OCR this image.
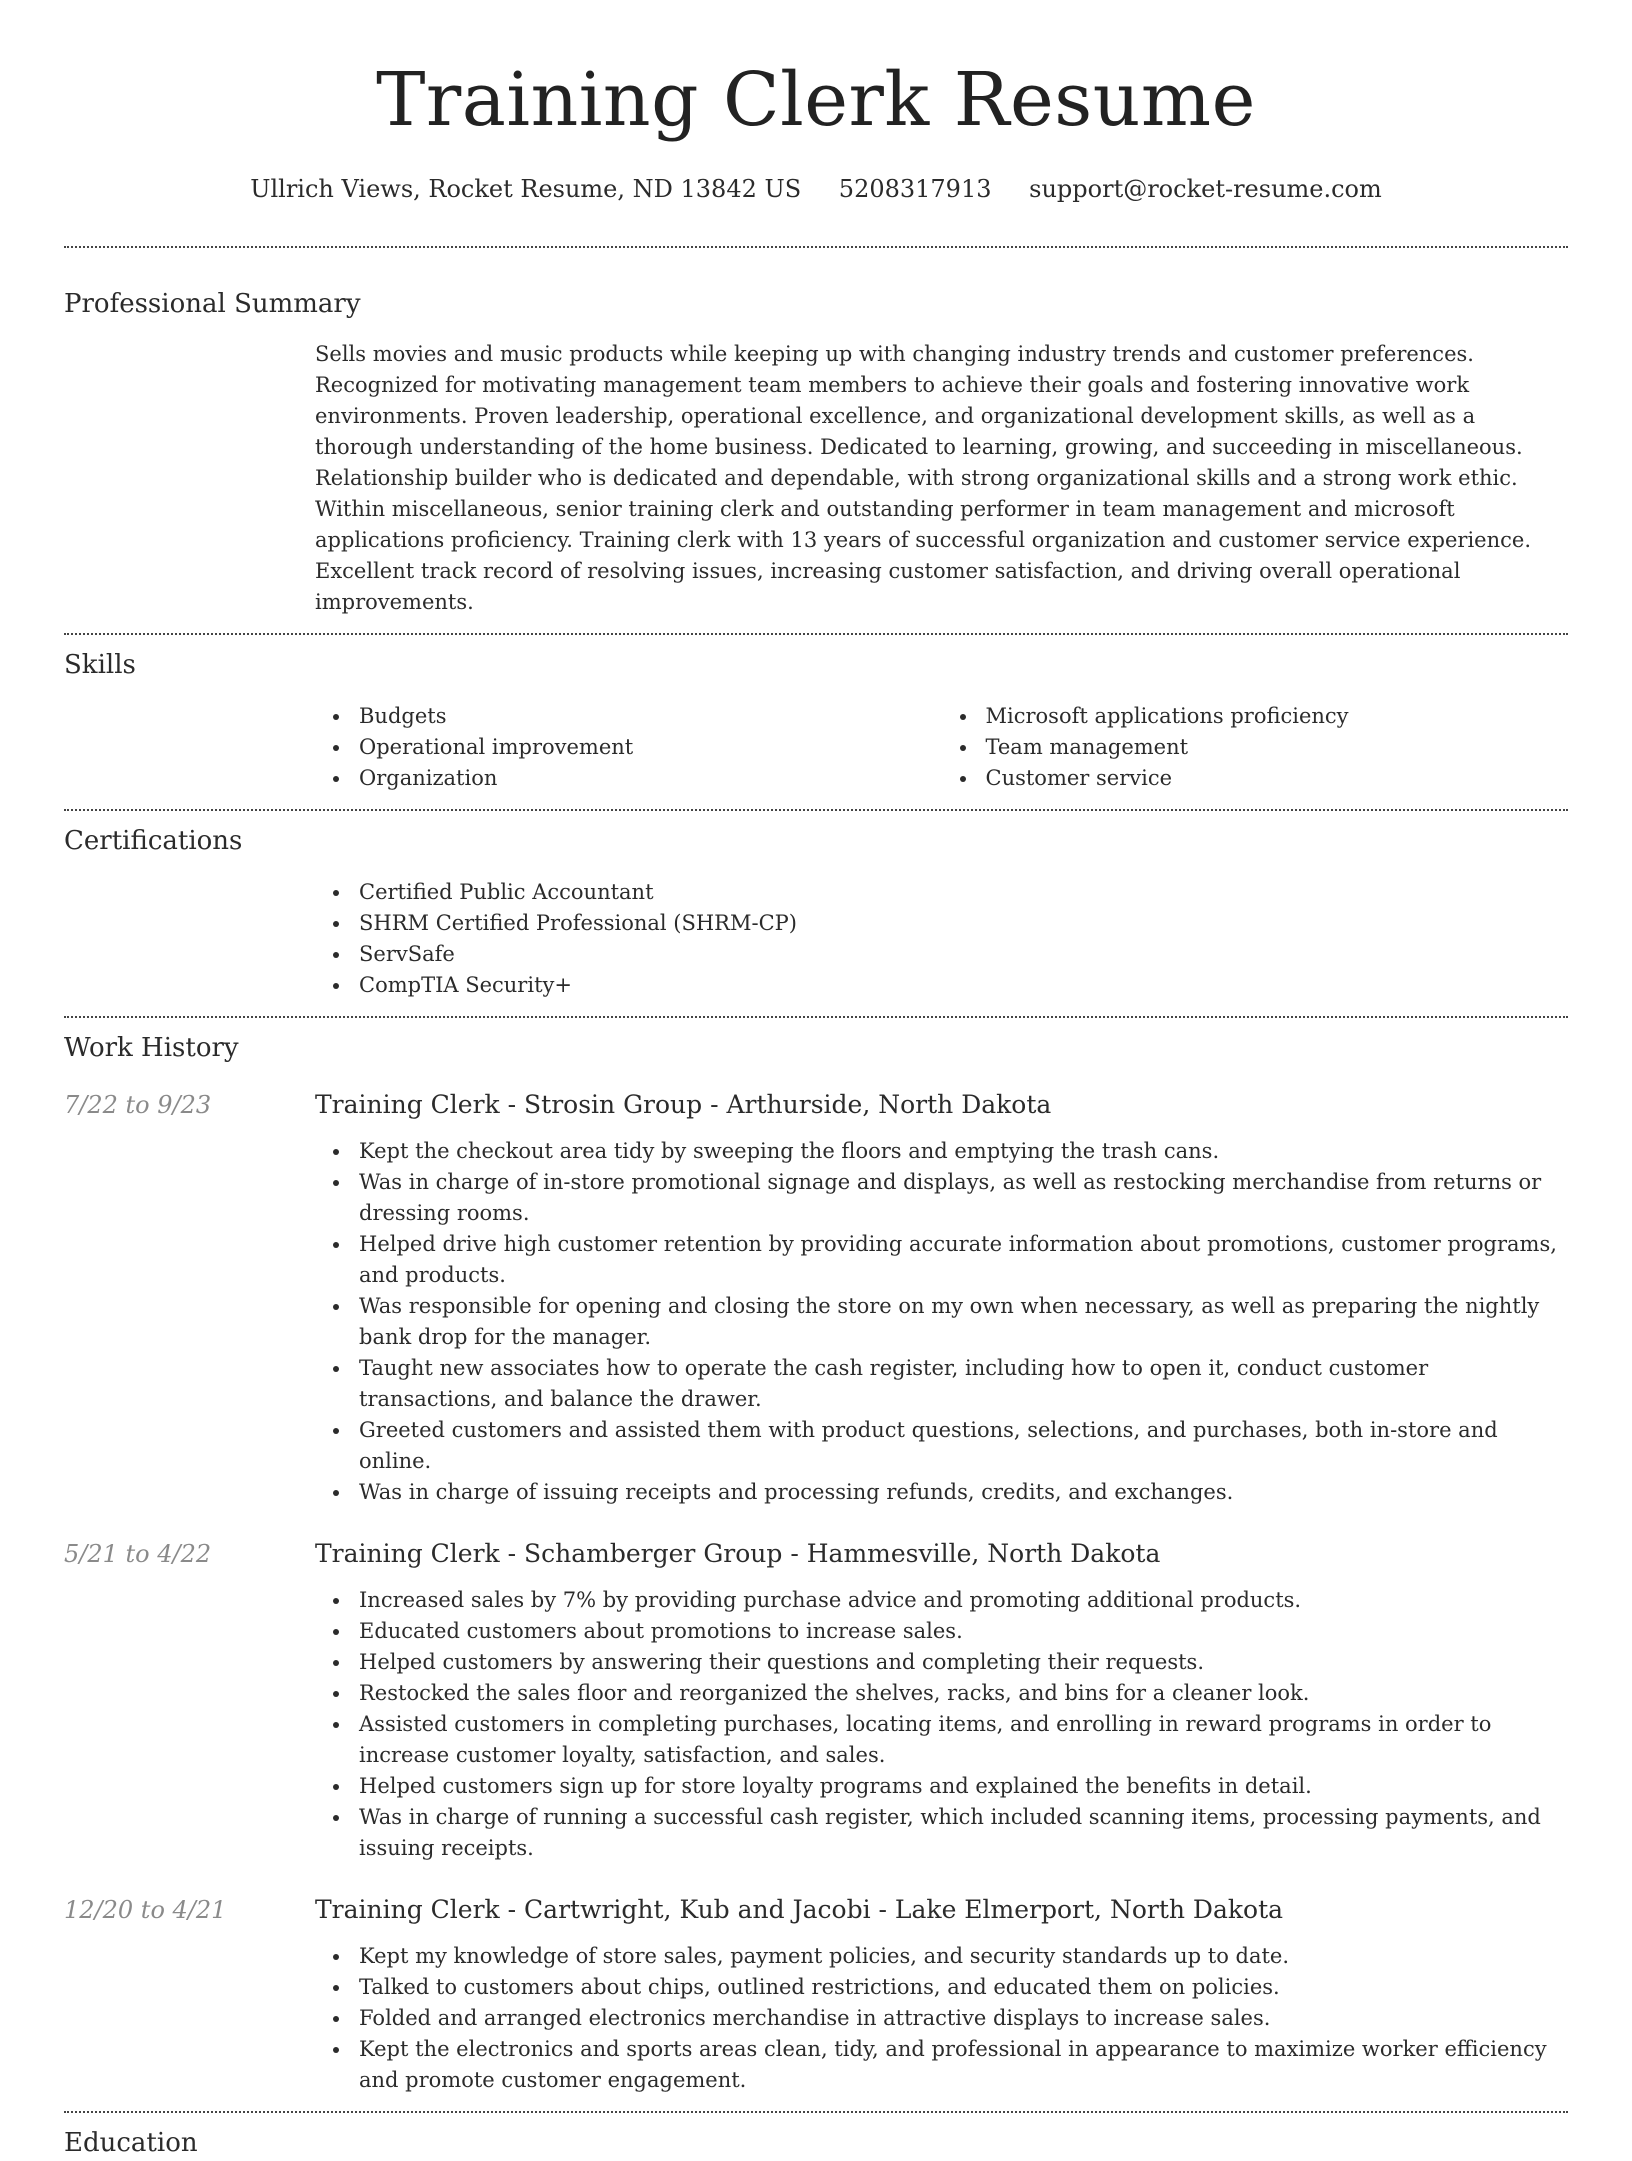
Training Clerk Resume
Ullrich Views, Rocket Resume, ND 13842 US 5208317913 support@rocket-resume.com
Professional Summary

Sells movies and music products while keeping up with changing industry trends and customer preferences. Recognized for motivating management team members to achieve their goals and fostering innovative work environments. Proven leadership, operational excellence, and organizational development skills, as well as a thorough understanding of the home business. Dedicated to learning, growing, and succeeding in miscellaneous. Relationship builder who is dedicated and dependable, with strong organizational skills and a strong work ethic. Within miscellaneous, senior training clerk and outstanding performer in team management and microsoft applications proficiency. Training clerk with 13 years of successful organization and customer service experience. Excellent track record of resolving issues, increasing customer satisfaction, and driving overall operational improvements.

Skills
Budgets
Operational improvement
Organization
Microsoft applications proficiency
Team management
Customer service
Certifications
Certified Public Accountant
SHRM Certified Professional (SHRM-CP)
ServSafe
CompTIA Security+
Work History
7/22 to 9/23	Training Clerk - Strosin Group - Arthurside, North Dakota
Kept the checkout area tidy by sweeping the floors and emptying the trash cans.
Was in charge of in-store promotional signage and displays, as well as restocking merchandise from returns or dressing rooms.
Helped drive high customer retention by providing accurate information about promotions, customer programs, and products.
Was responsible for opening and closing the store on my own when necessary, as well as preparing the nightly bank drop for the manager.
Taught new associates how to operate the cash register, including how to open it, conduct customer transactions, and balance the drawer.
Greeted customers and assisted them with product questions, selections, and purchases, both in-store and online.
Was in charge of issuing receipts and processing refunds, credits, and exchanges.
5/21 to 4/22	Training Clerk - Schamberger Group - Hammesville, North Dakota
Increased sales by 7% by providing purchase advice and promoting additional products.
Educated customers about promotions to increase sales.
Helped customers by answering their questions and completing their requests.
Restocked the sales floor and reorganized the shelves, racks, and bins for a cleaner look.
Assisted customers in completing purchases, locating items, and enrolling in reward programs in order to increase customer loyalty, satisfaction, and sales.
Helped customers sign up for store loyalty programs and explained the benefits in detail.
Was in charge of running a successful cash register, which included scanning items, processing payments, and issuing receipts.
12/20 to 4/21	Training Clerk - Cartwright, Kub and Jacobi - Lake Elmerport, North Dakota
Kept my knowledge of store sales, payment policies, and security standards up to date.
Talked to customers about chips, outlined restrictions, and educated them on policies.
Folded and arranged electronics merchandise in attractive displays to increase sales.
Kept the electronics and sports areas clean, tidy, and professional in appearance to maximize worker efficiency and promote customer engagement.
Education
